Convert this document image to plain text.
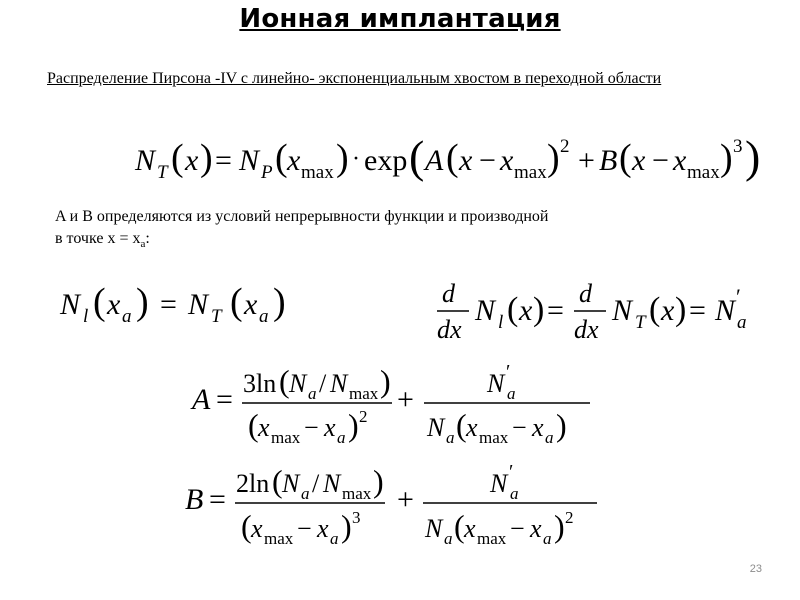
Ионная имплантация
Распределение Пирсона -IV с линейно- экспоненциальным хвостом в переходной области
N T ( x ) = N P ( x max ) · exp ( A ( x − x max ) 2 + B ( x − x max ) 3 )
A и B определяются из условий непрерывности функции и производной
в точке $x = x_a$:
N l ( x a ) = N T ( x a )	d
dx
N l ( x ) =
d
dx
N T ( x ) = N ′
a
A = 3ln ( N a / N max )
( x max − x a ) 2
+	N ′
a
N a ( x max − x a )
B = 2ln ( N a / N max )
( x max − x a ) 3
+	N ′
a
N a ( x max − x a ) 2
23
